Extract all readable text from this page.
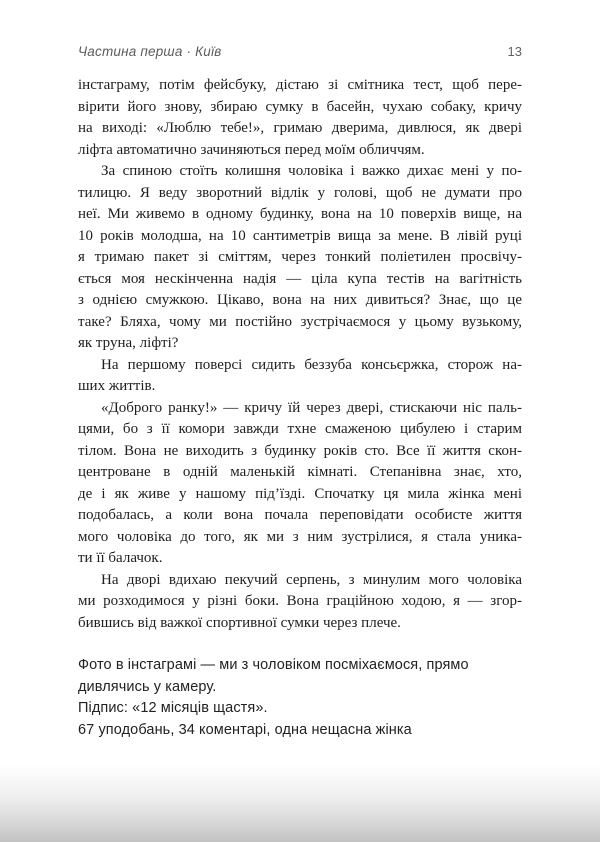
Частина перша · Київ	13
інстаграму, потім фейсбуку, дістаю зі смітника тест, щоб пере-
вірити його знову, збираю сумку в басейн, чухаю собаку, кричу
на виході: «Люблю тебе!», гримаю дверима, дивлюся, як двері
ліфта автоматично зачиняються перед моїм обличчям.
За спиною стоїть колишня чоловіка і важко дихає мені у по-
тилицю. Я веду зворотний відлік у голові, щоб не думати про
неї. Ми живемо в одному будинку, вона на 10 поверхів вище, на
10 років молодша, на 10 сантиметрів вища за мене. В лівій руці
я тримаю пакет зі сміттям, через тонкий поліетилен просвічу-
ється моя нескінченна надія — ціла купа тестів на вагітність
з однією смужкою. Цікаво, вона на них дивиться? Знає, що це
таке? Бляха, чому ми постійно зустрічаємося у цьому вузькому,
як труна, ліфті?
На першому поверсі сидить беззуба консьєржка, сторож на-
ших життів.
«Доброго ранку!» — кричу їй через двері, стискаючи ніс паль-
цями, бо з її комори завжди тхне смаженою цибулею і старим
тілом. Вона не виходить з будинку років сто. Все її життя скон-
центроване в одній маленькій кімнаті. Степанівна знає, хто,
де і як живе у нашому під’їзді. Спочатку ця мила жінка мені
подобалась, а коли вона почала переповідати особисте життя
мого чоловіка до того, як ми з ним зустрілися, я стала уника-
ти її балачок.
На дворі вдихаю пекучий серпень, з минулим мого чоловіка
ми розходимося у різні боки. Вона граційною ходою, я — згор-
бившись від важкої спортивної сумки через плече.
Фото в інстаграмі — ми з чоловіком посміхаємося, прямо
дивлячись у камеру.
Підпис: «12 місяців щастя».
67 уподобань, 34 коментарі, одна нещасна жінка
